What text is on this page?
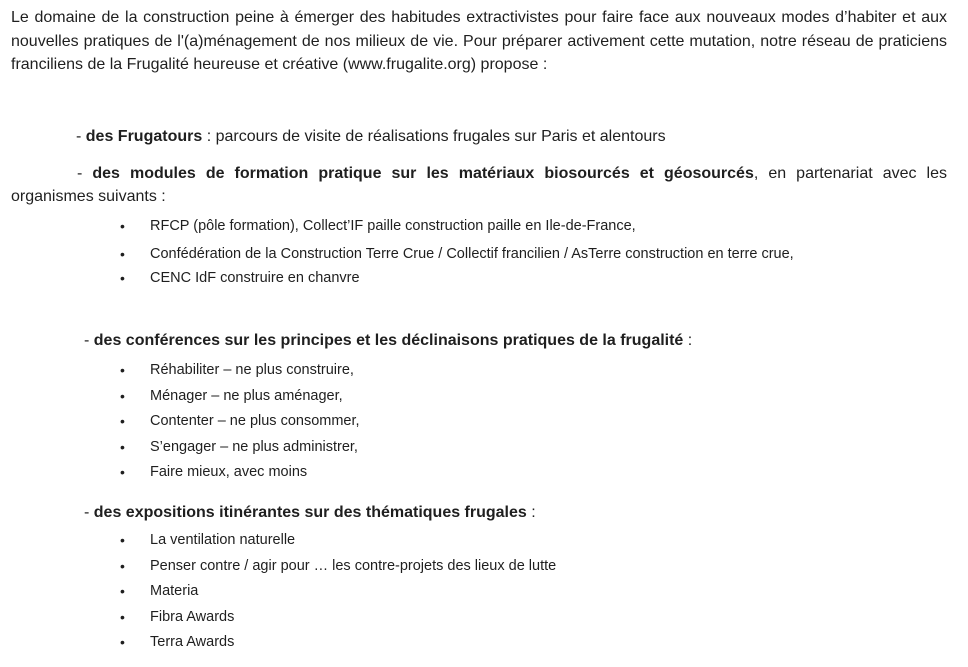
Le domaine de la construction peine à émerger des habitudes extractivistes pour faire face aux nouveaux modes d’habiter et aux nouvelles pratiques de l'(a)ménagement de nos milieux de vie. Pour préparer activement cette mutation, notre réseau de praticiens franciliens de la Frugalité heureuse et créative (www.frugalite.org) propose :

- des Frugatours : parcours de visite de réalisations frugales sur Paris et alentours

- des modules de formation pratique sur les matériaux biosourcés et géosourcés, en partenariat avec les organismes suivants :

• RFCP (pôle formation), Collect’IF paille construction paille en Ile-de-France,
• Confédération de la Construction Terre Crue / Collectif francilien / AsTerre construction en terre crue,
• CENC IdF construire en chanvre

- des conférences sur les principes et les déclinaisons pratiques de la frugalité :

• Réhabiliter – ne plus construire,
• Ménager – ne plus aménager,
• Contenter – ne plus consommer,
• S’engager – ne plus administrer,
• Faire mieux, avec moins

- des expositions itinérantes sur des thématiques frugales :

• La ventilation naturelle
• Penser contre / agir pour … les contre-projets des lieux de lutte
• Materia
• Fibra Awards
• Terra Awards
